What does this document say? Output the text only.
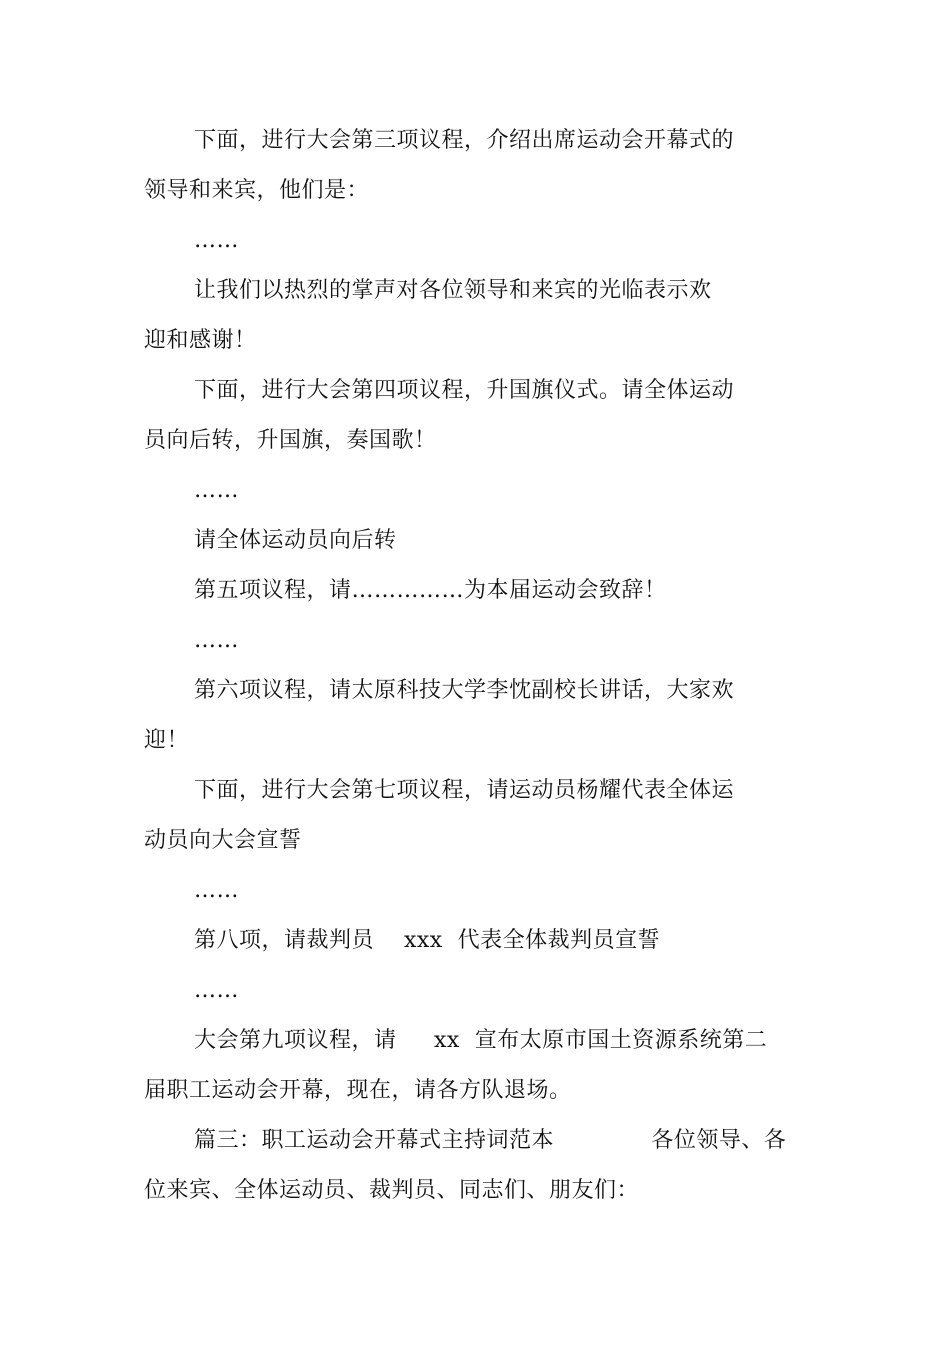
下面，进行大会第三项议程，介绍出席运动会开幕式的
领导和来宾，他们是：
……
让我们以热烈的掌声对各位领导和来宾的光临表示欢
迎和感谢！
下面，进行大会第四项议程，升国旗仪式。请全体运动
员向后转，升国旗，奏国歌！
……
请全体运动员向后转
第五项议程，请……………为本届运动会致辞！
……
第六项议程，请太原科技大学李忱副校长讲话，大家欢
迎！
下面，进行大会第七项议程，请运动员杨耀代表全体运
动员向大会宣誓
……
第八项，请裁判员    xxx  代表全体裁判员宣誓
……
大会第九项议程，请     xx  宣布太原市国土资源系统第二
届职工运动会开幕，现在，请各方队退场。
篇三：职工运动会开幕式主持词范本             各位领导、各
位来宾、全体运动员、裁判员、同志们、朋友们：
